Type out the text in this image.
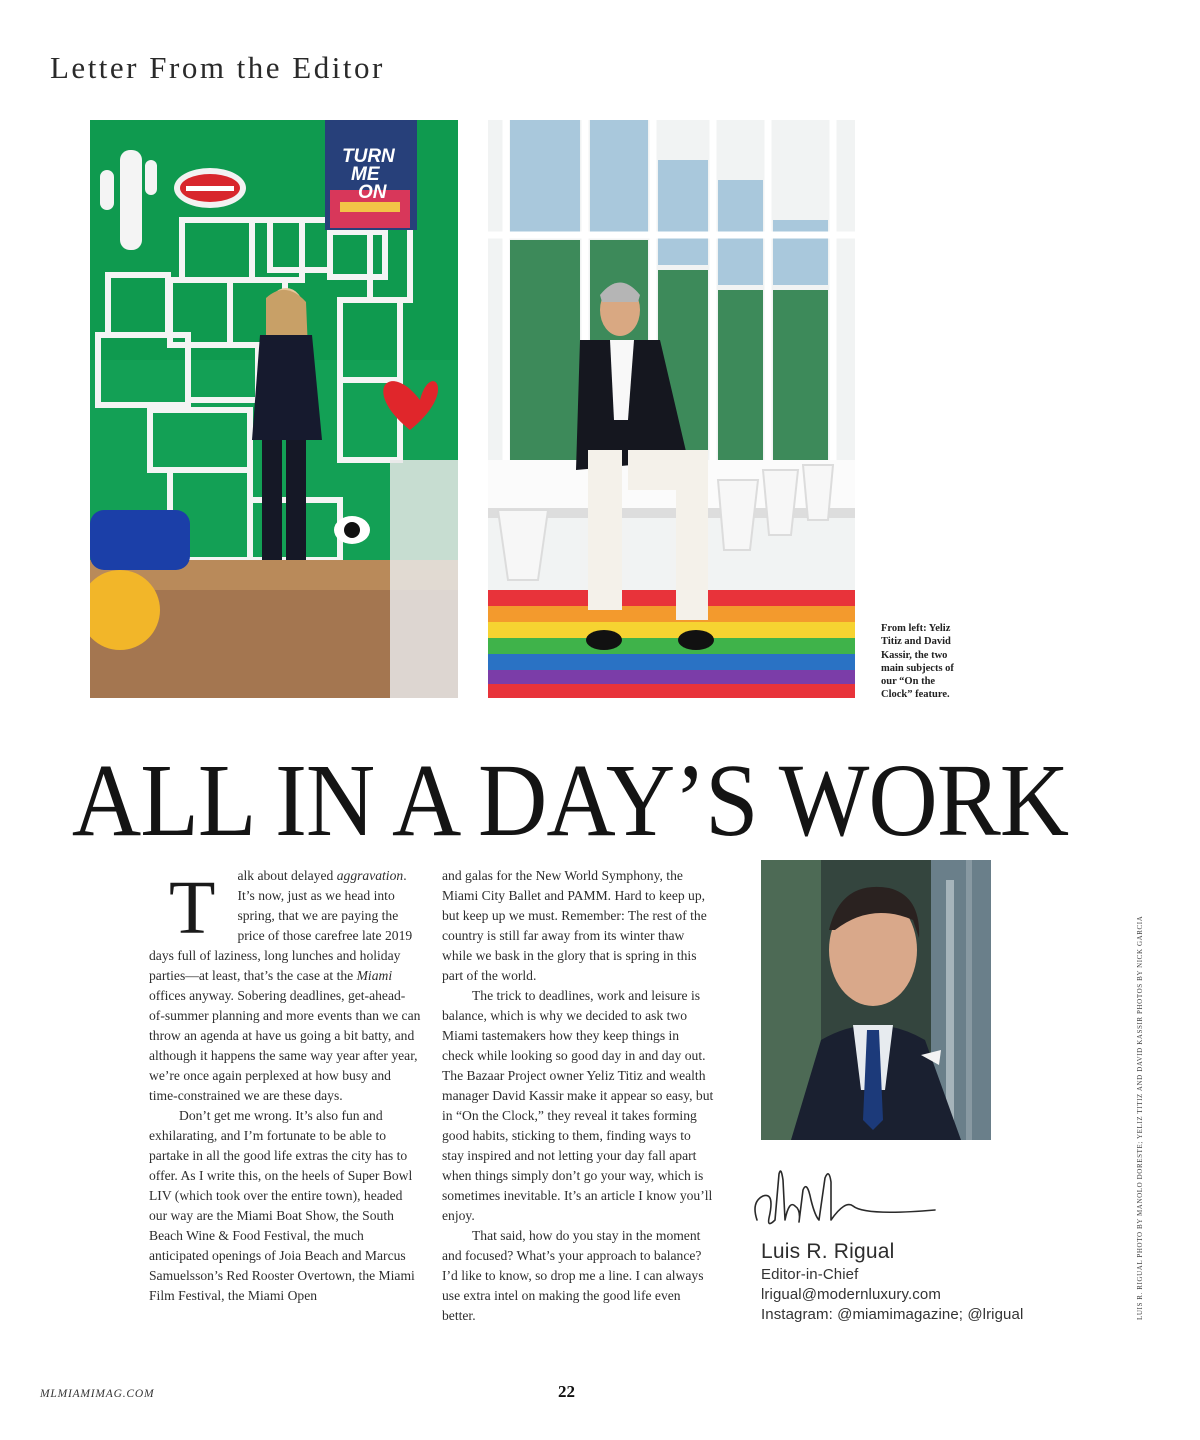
Letter From the Editor
TURN
ME
ON
From left: Yeliz Titiz and David Kassir, the two main subjects of our “On the Clock” feature.
ALL IN A DAY’S WORK

T alk about delayed aggravation. It’s now, just as we head into spring, that we are paying the price of those carefree late 2019 days full of laziness, long lunches and holiday parties—at least, that’s the case at the Miami offices anyway. Sobering deadlines, get-ahead-of-summer planning and more events than we can throw an agenda at have us going a bit batty, and although it happens the same way year after year, we’re once again perplexed at how busy and time-constrained we are these days.

Don’t get me wrong. It’s also fun and exhilarating, and I’m fortunate to be able to partake in all the good life extras the city has to offer. As I write this, on the heels of Super Bowl LIV (which took over the entire town), headed our way are the Miami Boat Show, the South Beach Wine & Food Festival, the much anticipated openings of Joia Beach and Marcus Samuelsson’s Red Rooster Overtown, the Miami Film Festival, the Miami Open

and galas for the New World Symphony, the Miami City Ballet and PAMM. Hard to keep up, but keep up we must. Remember: The rest of the country is still far away from its winter thaw while we bask in the glory that is spring in this part of the world.

The trick to deadlines, work and leisure is balance, which is why we decided to ask two Miami tastemakers how they keep things in check while looking so good day in and day out. The Bazaar Project owner Yeliz Titiz and wealth manager David Kassir make it appear so easy, but in “On the Clock,” they reveal it takes forming good habits, sticking to them, finding ways to stay inspired and not letting your day fall apart when things simply don’t go your way, which is sometimes inevitable. It’s an article I know you’ll enjoy.

That said, how do you stay in the moment and focused? What’s your approach to balance? I’d like to know, so drop me a line. I can always use extra intel on making the good life even better.

Luis R. Rigual
Editor-in-Chief
lrigual@modernluxury.com
Instagram: @miamimagazine; @lrigual	LUIS R. RIGUAL PHOTO BY MANOLO DORESTE; YELIZ TITIZ AND DAVID KASSIR PHOTOS BY NICK GARCIA
MLMIAMIMAG.COM	22
